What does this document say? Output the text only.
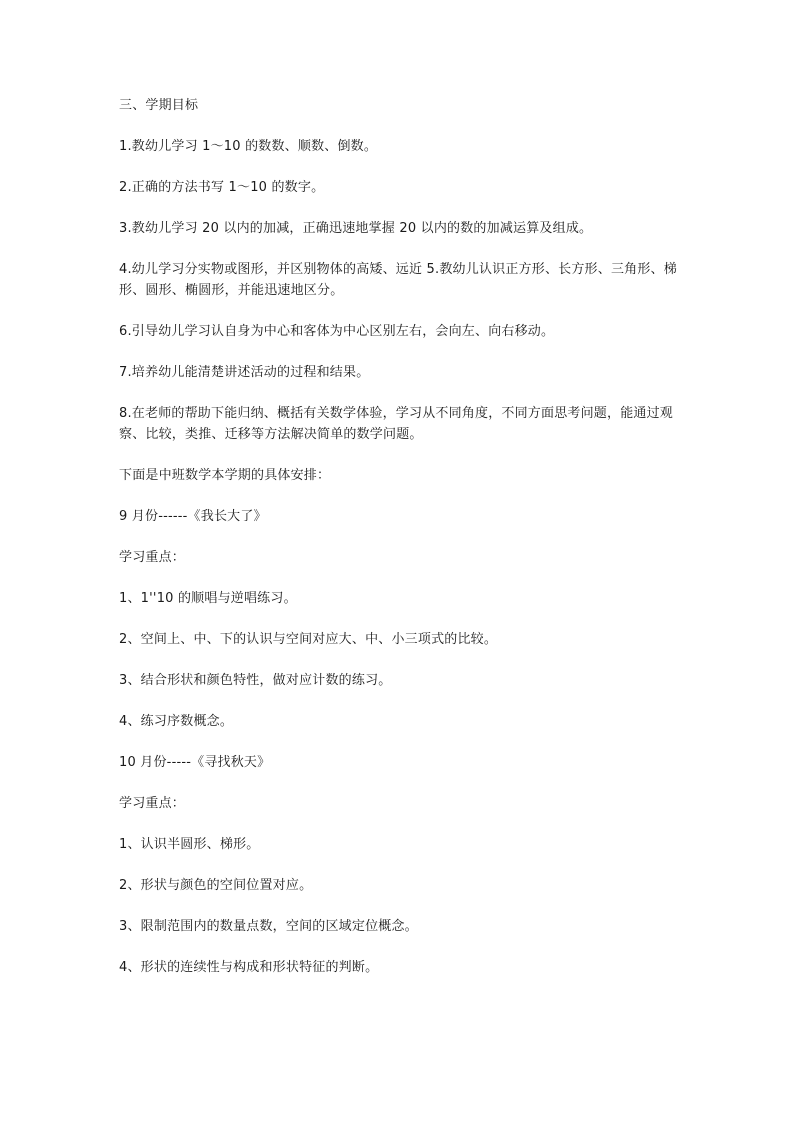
三、学期目标

1.教幼儿学习 1～10 的数数、顺数、倒数。

2.正确的方法书写 1～10 的数字。

3.教幼儿学习 20 以内的加减，正确迅速地掌握 20 以内的数的加减运算及组成。

4.幼儿学习分实物或图形，并区别物体的高矮、远近 5.教幼儿认识正方形、长方形、三角形、梯形、圆形、椭圆形，并能迅速地区分。

6.引导幼儿学习认自身为中心和客体为中心区别左右，会向左、向右移动。

7.培养幼儿能清楚讲述活动的过程和结果。

8.在老师的帮助下能归纳、概括有关数学体验，学习从不同角度，不同方面思考问题，能通过观察、比较，类推、迁移等方法解决简单的数学问题。

下面是中班数学本学期的具体安排：

9 月份------《我长大了》

学习重点：

1、1''10 的顺唱与逆唱练习。

2、空间上、中、下的认识与空间对应大、中、小三项式的比较。

3、结合形状和颜色特性，做对应计数的练习。

4、练习序数概念。

10 月份-----《寻找秋天》

学习重点：

1、认识半圆形、梯形。

2、形状与颜色的空间位置对应。

3、限制范围内的数量点数，空间的区域定位概念。

4、形状的连续性与构成和形状特征的判断。
